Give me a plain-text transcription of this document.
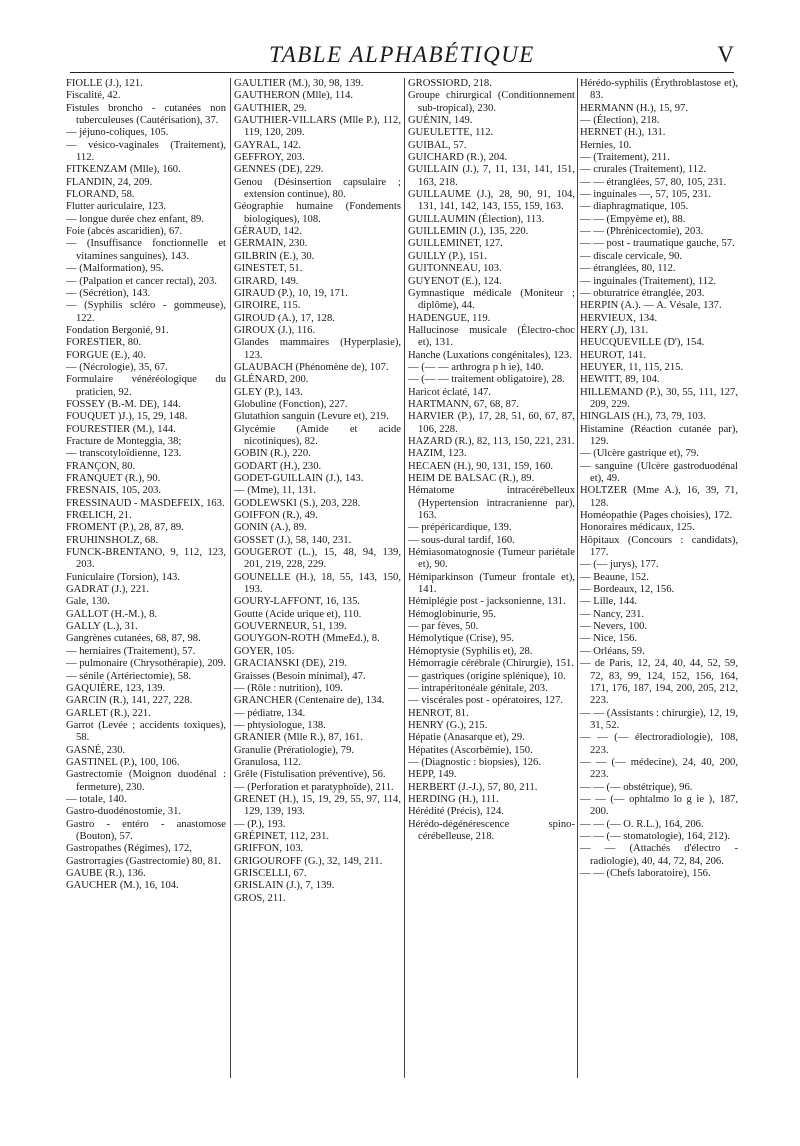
TABLE ALPHABÉTIQUE	V

FIOLLE (J.), 121.

Fiscalité, 42.

Fistules broncho - cutanées non tuberculeuses (Cautérisation), 37.

— jéjuno-coliques, 105.

— vésico-vaginales (Traitement), 112.

FITKENZAM (Mlle), 160.

FLANDIN, 24, 209.

FLORAND, 58.

Flutter auriculaire, 123.

— longue durée chez enfant, 89.

Foie (abcès ascaridien), 67.

— (Insuffisance fonctionnelle et vitamines sanguines), 143.

— (Malformation), 95.

— (Palpation et cancer rectal), 203.

— (Sécrétion), 143.

— (Syphilis scléro - gommeuse), 122.

Fondation Bergonié, 91.

FORESTIER, 80.

FORGUE (E.), 40.

— (Nécrologie), 35, 67.

Formulaire vénéréologique du praticien, 92.

FOSSEY (B.-M. DE), 144.

FOUQUET )J.), 15, 29, 148.

FOURESTIER (M.), 144.

Fracture de Monteggia, 38;

— transcotyloïdienne, 123.

FRANÇON, 80.

FRANQUET (R.), 90.

FRESNAIS, 105, 203.

FRESSINAUD - MASDEFEIX, 163.

FRŒLICH, 21.

FROMENT (P.), 28, 87, 89.

FRUHINSHOLZ, 68.

FUNCK-BRENTANO, 9, 112, 123, 203.

Funiculaire (Torsion), 143.

GADRAT (J.), 221.

Gale, 130.

GALLOT (H.-M.), 8.

GALLY (L.), 31.

Gangrènes cutanées, 68, 87, 98.

— herniaires (Traitement), 57.

— pulmonaire (Chrysothérapie), 209.

— sénile (Artériectomie), 58.

GAQUIÈRE, 123, 139.

GARCIN (R.), 141, 227, 228.

GARLET (R.), 221.

Garrot (Levée ; accidents toxiques), 58.

GASNÉ, 230.

GASTINEL (P.), 100, 106.

Gastrectomie (Moignon duodénal : fermeture), 230.

— totale, 140.

Gastro-duodénostomie, 31.

Gastro - entéro - anastomose (Bouton), 57.

Gastropathes (Régimes), 172,

Gastrorragies (Gastrectomie) 80, 81.

GAUBE (R.), 136.

GAUCHER (M.), 16, 104.

GAULTIER (M.), 30, 98, 139.

GAUTHERON (Mlle), 114.

GAUTHIER, 29.

GAUTHIER-VILLARS (Mlle P.), 112, 119, 120, 209.

GAYRAL, 142.

GEFFROY, 203.

GENNES (DE), 229.

Genou (Désinsertion capsulaire ; extension continue), 80.

Géographie humaine (Fondements biologiques), 108.

GÉRAUD, 142.

GERMAIN, 230.

GILBRIN (E.), 30.

GINESTET, 51.

GIRARD, 149.

GIRAUD (P.), 10, 19, 171.

GIROIRE, 115.

GIROUD (A.), 17, 128.

GIROUX (J.), 116.

Glandes mammaires (Hyperplasie), 123.

GLAUBACH (Phénomène de), 107.

GLÉNARD, 200.

GLEY (P.), 143.

Globuline (Fonction), 227.

Glutathion sanguin (Levure et), 219.

Glycémie (Amide et acide nicotiniques), 82.

GOBIN (R.), 220.

GODART (H.), 230.

GODET-GUILLAIN (J.), 143.

— (Mme), 11, 131.

GODLEWSKI (S.), 203, 228.

GOIFFON (R.), 49.

GONIN (A.), 89.

GOSSET (J.), 58, 140, 231.

GOUGEROT (L.), 15, 48, 94, 139, 201, 219, 228, 229.

GOUNELLE (H.), 18, 55, 143, 150, 193.

GOURY-LAFFONT, 16, 135.

Goutte (Acide urique et), 110.

GOUVERNEUR, 51, 139.

GOUYGON-ROTH (MmeEd.), 8.

GOYER, 105.

GRACIANSKI (DE), 219.

Graisses (Besoin minimal), 47.

— (Rôle : nutrition), 109.

GRANCHER (Centenaire de), 134.

— pédiatre, 134.

— phtysiologue, 138.

GRANIER (Mlle R.), 87, 161.

Granulie (Prératiologie), 79.

Granulosa, 112.

Grêle (Fistulisation préventive), 56.

— (Perforation et paratyphoïde), 211.

GRENET (H.), 15, 19, 29, 55, 97, 114, 129, 139, 193.

— (P.), 193.

GRÉPINET, 112, 231.

GRIFFON, 103.

GRIGOUROFF (G.), 32, 149, 211.

GRISCELLI, 67.

GRISLAIN (J.), 7, 139.

GROS, 211.

GROSSIORD, 218.

Groupe chirurgical (Conditionnement sub-tropical), 230.

GUÉNIN, 149.

GUEULETTE, 112.

GUIBAL, 57.

GUICHARD (R.), 204.

GUILLAIN (J.), 7, 11, 131, 141, 151, 163, 218.

GUILLAUME (J.), 28, 90, 91, 104, 131, 141, 142, 143, 155, 159, 163.

GUILLAUMIN (Élection), 113.

GUILLEMIN (J.), 135, 220.

GUILLEMINET, 127.

GUILLY (P.), 151.

GUITONNEAU, 103.

GUYENOT (E.), 124.

Gymnastique médicale (Moniteur ; diplôme), 44.

HADENGUE, 119.

Hallucinose musicale (Électro-choc et), 131.

Hanche (Luxations congénitales), 123.

— (— — arthrogra p h ie), 140.

— (— — traitement obligatoire), 28.

Haricot éclaté, 147.

HARTMANN, 67, 68, 87.

HARVIER (P.), 17, 28, 51, 60, 67, 87, 106, 228.

HAZARD (R.), 82, 113, 150, 221, 231.

HAZIM, 123.

HECAEN (H.), 90, 131, 159, 160.

HEIM DE BALSAC (R.), 89.

Hématome intracérébelleux (Hypertension intracranienne par), 163.

— prépéricardique, 139.

— sous-dural tardif, 160.

Hémiasomatognosie (Tumeur pariétale et), 90.

Hémiparkinson (Tumeur frontale et), 141.

Hémiplégie post - jacksonienne, 131.

Hémoglobinurie, 95.

— par fèves, 50.

Hémolytique (Crise), 95.

Hémoptysie (Syphilis et), 28.

Hémorragie cérébrale (Chirurgie), 151.

— gastriques (origine splénique), 10.

— intrapéritonéale génitale, 203.

— viscérales post - opératoires, 127.

HENROT, 81.

HENRY (G.), 215.

Hépatie (Anasarque et), 29.

Hépatites (Ascorbémie), 150.

— (Diagnostic : biopsies), 126.

HEPP, 149.

HERBERT (J.-J.), 57, 80, 211.

HERDING (H.), 111.

Hérédité (Précis), 124.

Hérédo-dégénérescence spino-cérébelleuse, 218.

Hérédo-syphilis (Érythroblastose et), 83.

HERMANN (H.), 15, 97.

— (Élection), 218.

HERNET (H.), 131.

Hernies, 10.

— (Traitement), 211.

— crurales (Traitement), 112.

— — étranglées, 57, 80, 105, 231.

— inguinales —, 57, 105, 231.

— diaphragmatique, 105.

— — (Empyème et), 88.

— — (Phrénicectomie), 203.

— — post - traumatique gauche, 57.

— discale cervicale, 90.

— étranglées, 80, 112.

— inguinales (Traitement), 112.

— obturatrice étranglée, 203.

HERPIN (A.). — A. Vésale, 137.

HERVIEUX, 134.

HERY (.J), 131.

HEUCQUEVILLE (D'), 154.

HEUROT, 141.

HEUYER, 11, 115, 215.

HEWITT, 89, 104.

HILLEMAND (P.), 30, 55, 111, 127, 209, 229.

HINGLAIS (H.), 73, 79, 103.

Histamine (Réaction cutanée par), 129.

— (Ulcère gastrique et), 79.

— sanguine (Ulcère gastroduodénal et), 49.

HOLTZER (Mme A.), 16, 39, 71, 128.

Homéopathie (Pages choisies), 172.

Honoraires médicaux, 125.

Hôpitaux (Concours : candidats), 177.

— (— jurys), 177.

— Beaune, 152.

— Bordeaux, 12, 156.

— Lille, 144.

— Nancy, 231.

— Nevers, 100.

— Nice, 156.

— Orléans, 59.

— de Paris, 12, 24, 40, 44, 52, 59, 72, 83, 99, 124, 152, 156, 164, 171, 176, 187, 194, 200, 205, 212, 223.

— — (Assistants : chirurgie), 12, 19, 31, 52.

— — (— électroradiologie), 108, 223.

— — (— médecine), 24, 40, 200, 223.

— — (— obstétrique), 96.

— — (— ophtalmo lo g ie ), 187, 200.

— — (— O. R.L.), 164, 206.

— — (— stomatologie), 164, 212).

— — (Attachés d'électro - radiologie), 40, 44, 72, 84, 206.

— — (Chefs laboratoire), 156.
